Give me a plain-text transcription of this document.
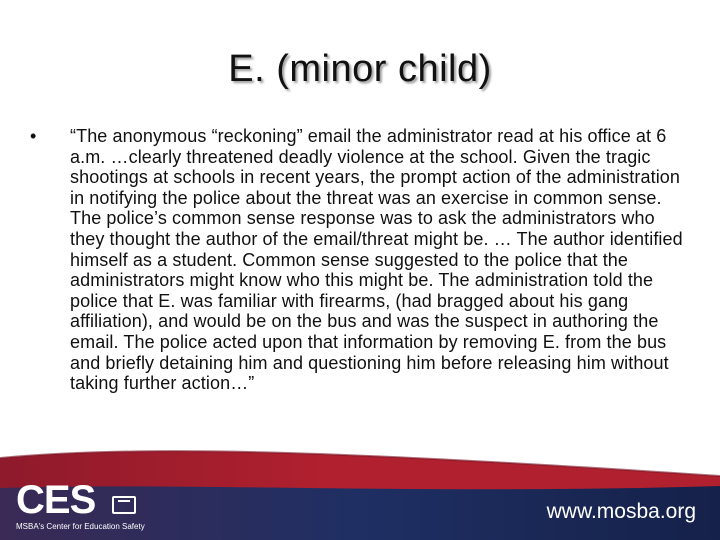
E. (minor child)
• “The anonymous “reckoning” email the administrator read at his office at 6 a.m. …clearly threatened deadly violence at the school. Given the tragic shootings at schools in recent years, the prompt action of the administration in notifying the police about the threat was an exercise in common sense. The police’s common sense response was to ask the administrators who they thought the author of the email/threat might be. … The author identified himself as a student. Common sense suggested to the police that the administrators might know who this might be. The administration told the police that E. was familiar with firearms, (had bragged about his gang affiliation), and would be on the bus and was the suspect in authoring the email. The police acted upon that information by removing E. from the bus and briefly detaining him and questioning him before releasing him without taking further action…”
CES
MSBA's Center for Education Safety
www.mosba.org
